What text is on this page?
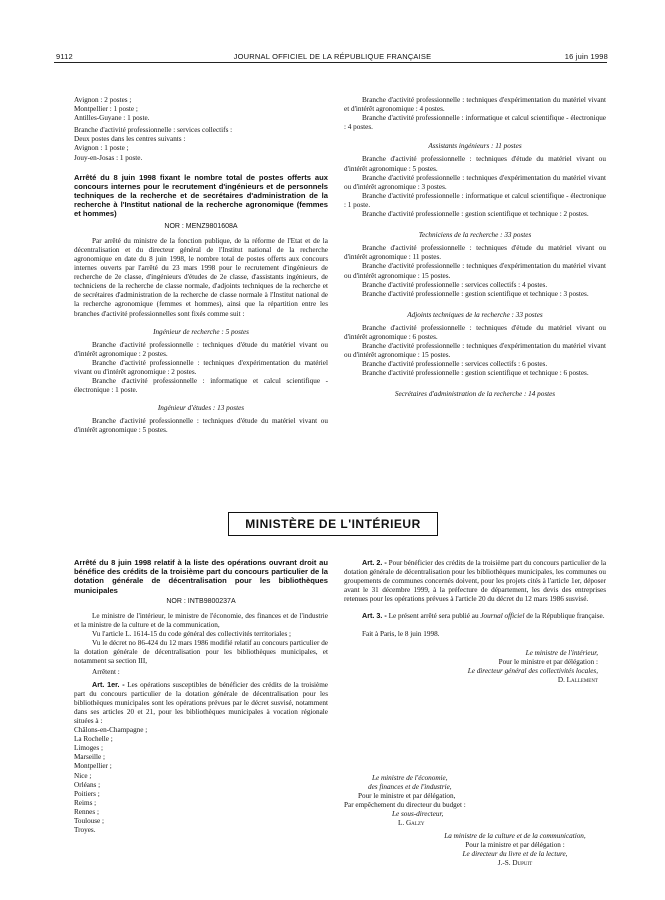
9112	JOURNAL OFFICIEL DE LA RÉPUBLIQUE FRANÇAISE	16 juin 1998
Avignon : 2 postes ;
Montpellier : 1 poste ;
Antilles-Guyane : 1 poste.
Branche d'activité professionnelle : services collectifs :
Deux postes dans les centres suivants :
Avignon : 1 poste ;
Jouy-en-Josas : 1 poste.

Arrêté du 8 juin 1998 fixant le nombre total de postes offerts aux concours internes pour le recrutement d'ingénieurs et de personnels techniques de la recherche et de secrétaires d'administration de la recherche à l'Institut national de la recherche agronomique (femmes et hommes)

NOR : MENZ9801608A

Par arrêté du ministre de la fonction publique, de la réforme de l'Etat et de la décentralisation et du directeur général de l'Institut national de la recherche agronomique en date du 8 juin 1998, le nombre total de postes offerts aux concours internes ouverts par l'arrêté du 23 mars 1998 pour le recrutement d'ingénieurs de recherche de 2e classe, d'ingénieurs d'études de 2e classe, d'assistants ingénieurs, de techniciens de la recherche de classe normale, d'adjoints techniques de la recherche et de secrétaires d'administration de la recherche de classe normale à l'Institut national de la recherche agronomique (femmes et hommes), ainsi que la répartition entre les branches d'activité professionnelles sont fixés comme suit :

Ingénieur de recherche : 5 postes

Branche d'activité professionnelle : techniques d'étude du matériel vivant ou d'intérêt agronomique : 2 postes.

Branche d'activité professionnelle : techniques d'expérimentation du matériel vivant ou d'intérêt agronomique : 2 postes.

Branche d'activité professionnelle : informatique et calcul scientifique - électronique : 1 poste.

Ingénieur d'études : 13 postes

Branche d'activité professionnelle : techniques d'étude du matériel vivant ou d'intérêt agronomique : 5 postes.

Branche d'activité professionnelle : techniques d'expérimentation du matériel vivant et d'intérêt agronomique : 4 postes.

Branche d'activité professionnelle : informatique et calcul scientifique - électronique : 4 postes.

Assistants ingénieurs : 11 postes

Branche d'activité professionnelle : techniques d'étude du matériel vivant ou d'intérêt agronomique : 5 postes.

Branche d'activité professionnelle : techniques d'expérimentation du matériel vivant ou d'intérêt agronomique : 3 postes.

Branche d'activité professionnelle : informatique et calcul scientifique - électronique : 1 poste.

Branche d'activité professionnelle : gestion scientifique et technique : 2 postes.

Techniciens de la recherche : 33 postes

Branche d'activité professionnelle : techniques d'étude du matériel vivant ou d'intérêt agronomique : 11 postes.

Branche d'activité professionnelle : techniques d'expérimentation du matériel vivant ou d'intérêt agronomique : 15 postes.

Branche d'activité professionnelle : services collectifs : 4 postes.

Branche d'activité professionnelle : gestion scientifique et technique : 3 postes.

Adjoints techniques de la recherche : 33 postes

Branche d'activité professionnelle : techniques d'étude du matériel vivant ou d'intérêt agronomique : 6 postes.

Branche d'activité professionnelle : techniques d'expérimentation du matériel vivant ou d'intérêt agronomique : 15 postes.

Branche d'activité professionnelle : services collectifs : 6 postes.

Branche d'activité professionnelle : gestion scientifique et technique : 6 postes.

Secrétaires d'administration de la recherche : 14 postes

MINISTÈRE DE L'INTÉRIEUR

Arrêté du 8 juin 1998 relatif à la liste des opérations ouvrant droit au bénéfice des crédits de la troisième part du concours particulier de la dotation générale de décentralisation pour les bibliothèques municipales

NOR : INTB9800237A

Le ministre de l'intérieur, le ministre de l'économie, des finances et de l'industrie et la ministre de la culture et de la communication,

Vu l'article L. 1614-15 du code général des collectivités territoriales ;

Vu le décret no 86-424 du 12 mars 1986 modifié relatif au concours particulier de la dotation générale de décentralisation pour les bibliothèques municipales, et notamment sa section III,

Arrêtent :

Art. 1er. - Les opérations susceptibles de bénéficier des crédits de la troisième part du concours particulier de la dotation générale de décentralisation pour les bibliothèques municipales sont les opérations prévues par le décret susvisé, notamment dans ses articles 20 et 21, pour les bibliothèques municipales à vocation régionale situées à :

Châlons-en-Champagne ;
La Rochelle ;
Limoges ;
Marseille ;
Montpellier ;
Nice ;
Orléans ;
Poitiers ;
Reims ;
Rennes ;
Toulouse ;
Troyes.

Art. 2. - Pour bénéficier des crédits de la troisième part du concours particulier de la dotation générale de décentralisation pour les bibliothèques municipales, les communes ou groupements de communes concernés doivent, pour les projets cités à l'article 1er, déposer avant le 31 décembre 1999, à la préfecture de département, les devis des entreprises retenues pour les opérations prévues à l'article 20 du décret du 12 mars 1986 susvisé.

Art. 3. - Le présent arrêté sera publié au Journal officiel de la République française.

Fait à Paris, le 8 juin 1998.

Le ministre de l'intérieur,
Pour le ministre et par délégation :
Le directeur général des collectivités locales,
D. Lallement
Le ministre de l'économie,
des finances et de l'industrie,
Pour le ministre et par délégation,
Par empêchement du directeur du budget :
Le sous-directeur,
L. Galzy
La ministre de la culture et de la communication,
Pour la ministre et par délégation :
Le directeur du livre et de la lecture,
J.-S. Dupuit
